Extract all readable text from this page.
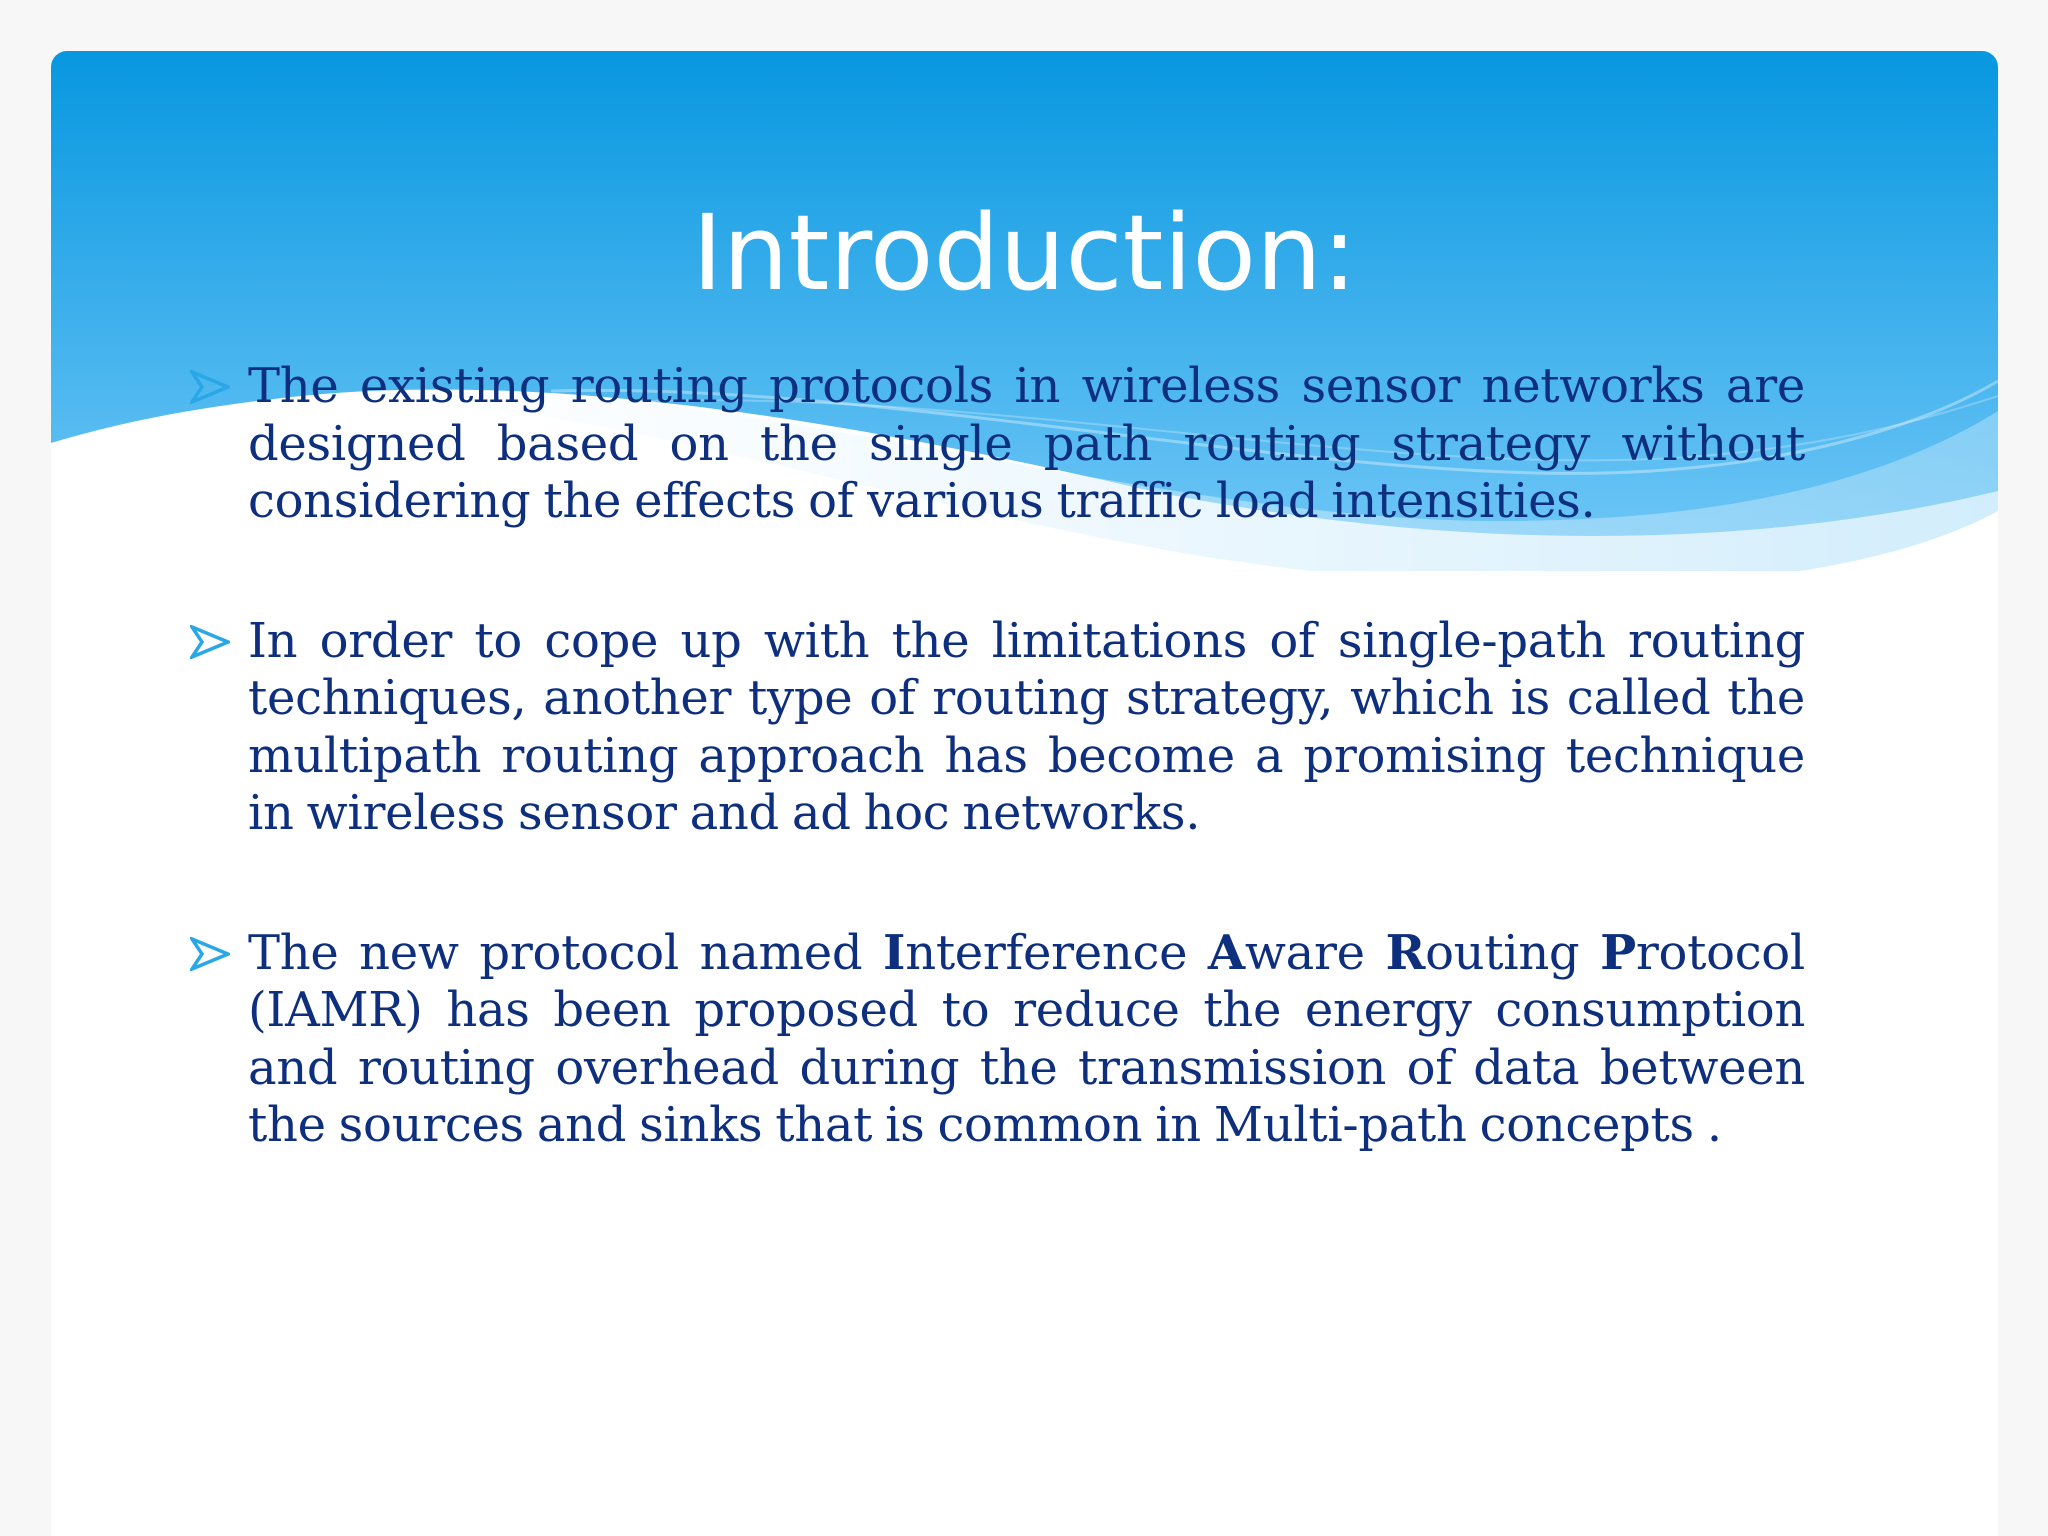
Introduction:
The existing routing protocols in wireless sensor networks are designed based on the single path routing strategy without considering the effects of various traffic load intensities.
In order to cope up with the limitations of single-path routing techniques, another type of routing strategy, which is called the multipath routing approach has become a promising technique in wireless sensor and ad hoc networks.
The new protocol named Interference Aware Routing Protocol (IAMR) has been proposed to reduce the energy consumption and routing overhead during the transmission of data between the sources and sinks that is common in Multi-path concepts .
